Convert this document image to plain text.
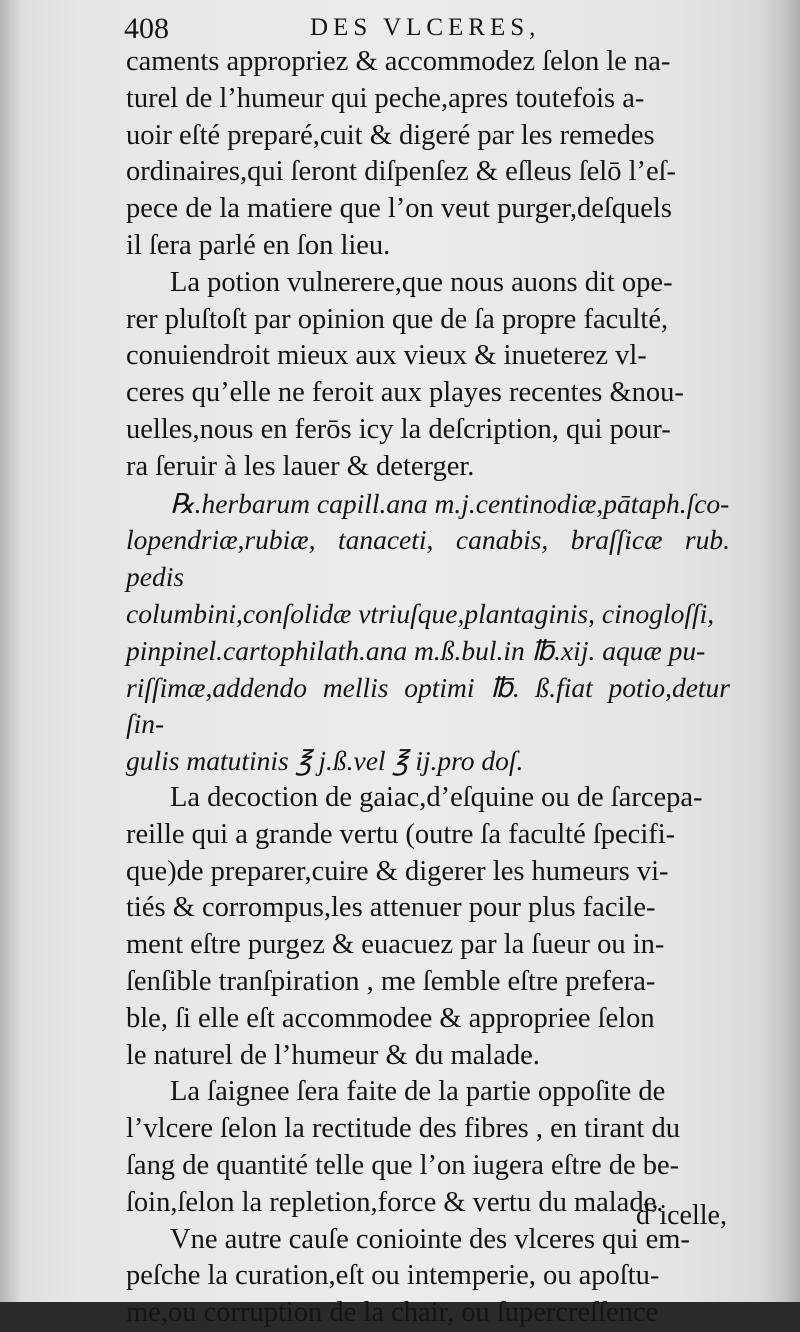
408	DES VLCERES,

caments appropriez & accommodez ſelon le na-

turel de l’humeur qui peche,apres toutefois a-

uoir eſté preparé,cuit & digeré par les remedes

ordinaires,qui ſeront diſpenſez & eſleus ſelō l’eſ-

pece de la matiere que l’on veut purger,deſquels

il ſera parlé en ſon lieu.

La potion vulnerere,que nous auons dit ope-

rer pluſtoſt par opinion que de ſa propre faculté,

conuiendroit mieux aux vieux & inueterez vl-

ceres qu’elle ne feroit aux playes recentes &nou-

uelles,nous en ferōs icy la deſcription, qui pour-

ra ſeruir à les lauer & deterger.

℞.herbarum capill.ana m.j.centinodiæ,pātaph.ſco-

lopendriæ,rubiæ, tanaceti, canabis, braſſicæ rub. pedis

columbini,conſolidæ vtriuſque,plantaginis, cinogloſſi,

pinpinel.cartophilath.ana m.ß.bul.in ℔.xij. aquæ pu-

riſſimæ,addendo mellis optimi ℔. ß.fiat potio,detur ſin-

gulis matutinis ℥ j.ß.vel ℥ ij.pro doſ.

La decoction de gaiac,d’eſquine ou de ſarcepa-

reille qui a grande vertu (outre ſa faculté ſpecifi-

que)de preparer,cuire & digerer les humeurs vi-

tiés & corrompus,les attenuer pour plus facile-

ment eſtre purgez & euacuez par la ſueur ou in-

ſenſible tranſpiration , me ſemble eſtre prefera-

ble, ſi elle eſt accommodee & appropriee ſelon

le naturel de l’humeur & du malade.

La ſaignee ſera faite de la partie oppoſite de

l’vlcere ſelon la rectitude des fibres , en tirant du

ſang de quantité telle que l’on iugera eſtre de be-

ſoin,ſelon la repletion,force & vertu du malade.

Vne autre cauſe coniointe des vlceres qui em-

peſche la curation,eſt ou intemperie, ou apoſtu-

me,ou corruption de la chair, ou ſupercreſſence

d’icelle,
